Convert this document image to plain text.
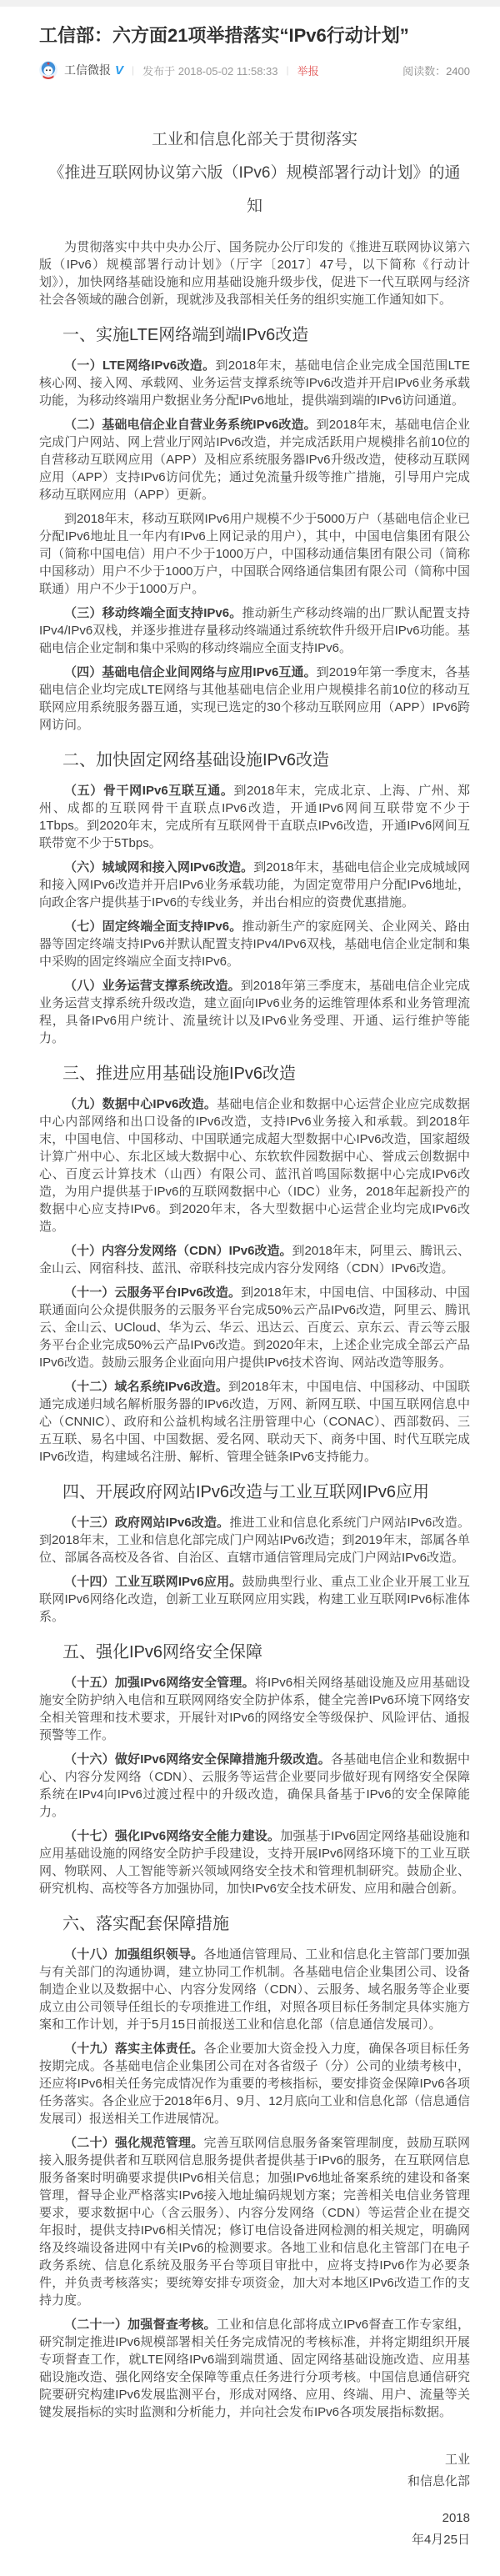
工信部：六方面21项举措落实“IPv6行动计划”
工信微报 V | 发布于 2018-05-02 11:58:33 | 举报	阅读数：2400
工业和信息化部关于贯彻落实
《推进互联网协议第六版（IPv6）规模部署行动计划》的通知

为贯彻落实中共中央办公厅、国务院办公厅印发的《推进互联网协议第六版（IPv6）规模部署行动计划》（厅字〔2017〕47号，以下简称《行动计划》），加快网络基础设施和应用基础设施升级步伐，促进下一代互联网与经济社会各领域的融合创新，现就涉及我部相关任务的组织实施工作通知如下。

一、实施LTE网络端到端IPv6改造

（一）LTE网络IPv6改造。到2018年末，基础电信企业完成全国范围LTE核心网、接入网、承载网、业务运营支撑系统等IPv6改造并开启IPv6业务承载功能，为移动终端用户数据业务分配IPv6地址，提供端到端的IPv6访问通道。

（二）基础电信企业自营业务系统IPv6改造。到2018年末，基础电信企业完成门户网站、网上营业厅网站IPv6改造，并完成活跃用户规模排名前10位的自营移动互联网应用（APP）及相应系统服务器IPv6升级改造，使移动互联网应用（APP）支持IPv6访问优先；通过免流量升级等推广措施，引导用户完成移动互联网应用（APP）更新。

到2018年末，移动互联网IPv6用户规模不少于5000万户（基础电信企业已分配IPv6地址且一年内有IPv6上网记录的用户），其中，中国电信集团有限公司（简称中国电信）用户不少于1000万户，中国移动通信集团有限公司（简称中国移动）用户不少于1000万户，中国联合网络通信集团有限公司（简称中国联通）用户不少于1000万户。

（三）移动终端全面支持IPv6。推动新生产移动终端的出厂默认配置支持IPv4/IPv6双栈，并逐步推进存量移动终端通过系统软件升级开启IPv6功能。基础电信企业定制和集中采购的移动终端应全面支持IPv6。

（四）基础电信企业间网络与应用IPv6互通。到2019年第一季度末，各基础电信企业均完成LTE网络与其他基础电信企业用户规模排名前10位的移动互联网应用系统服务器互通，实现已选定的30个移动互联网应用（APP）IPv6跨网访问。

二、加快固定网络基础设施IPv6改造

（五）骨干网IPv6互联互通。到2018年末，完成北京、上海、广州、郑州、成都的互联网骨干直联点IPv6改造，开通IPv6网间互联带宽不少于1Tbps。到2020年末，完成所有互联网骨干直联点IPv6改造，开通IPv6网间互联带宽不少于5Tbps。

（六）城域网和接入网IPv6改造。到2018年末，基础电信企业完成城域网和接入网IPv6改造并开启IPv6业务承载功能，为固定宽带用户分配IPv6地址，向政企客户提供基于IPv6的专线业务，并出台相应的资费优惠措施。

（七）固定终端全面支持IPv6。推动新生产的家庭网关、企业网关、路由器等固定终端支持IPv6并默认配置支持IPv4/IPv6双栈，基础电信企业定制和集中采购的固定终端应全面支持IPv6。

（八）业务运营支撑系统改造。到2018年第三季度末，基础电信企业完成业务运营支撑系统升级改造，建立面向IPv6业务的运维管理体系和业务管理流程，具备IPv6用户统计、流量统计以及IPv6业务受理、开通、运行维护等能力。

三、推进应用基础设施IPv6改造

（九）数据中心IPv6改造。基础电信企业和数据中心运营企业应完成数据中心内部网络和出口设备的IPv6改造，支持IPv6业务接入和承载。到2018年末，中国电信、中国移动、中国联通完成超大型数据中心IPv6改造，国家超级计算广州中心、东北区域大数据中心、东软软件园数据中心、誉成云创数据中心、百度云计算技术（山西）有限公司、蓝汛首鸣国际数据中心完成IPv6改造，为用户提供基于IPv6的互联网数据中心（IDC）业务，2018年起新投产的数据中心应支持IPv6。到2020年末，各大型数据中心运营企业均完成IPv6改造。

（十）内容分发网络（CDN）IPv6改造。到2018年末，阿里云、腾讯云、金山云、网宿科技、蓝汛、帝联科技完成内容分发网络（CDN）IPv6改造。

（十一）云服务平台IPv6改造。到2018年末，中国电信、中国移动、中国联通面向公众提供服务的云服务平台完成50%云产品IPv6改造，阿里云、腾讯云、金山云、UCloud、华为云、华云、迅达云、百度云、京东云、青云等云服务平台企业完成50%云产品IPv6改造。到2020年末，上述企业完成全部云产品IPv6改造。鼓励云服务企业面向用户提供IPv6技术咨询、网站改造等服务。

（十二）域名系统IPv6改造。到2018年末，中国电信、中国移动、中国联通完成递归域名解析服务器的IPv6改造，万网、新网互联、中国互联网信息中心（CNNIC）、政府和公益机构域名注册管理中心（CONAC）、西部数码、三五互联、易名中国、中国数据、爱名网、联动天下、商务中国、时代互联完成IPv6改造，构建域名注册、解析、管理全链条IPv6支持能力。

四、开展政府网站IPv6改造与工业互联网IPv6应用

（十三）政府网站IPv6改造。推进工业和信息化系统门户网站IPv6改造。到2018年末，工业和信息化部完成门户网站IPv6改造；到2019年末，部属各单位、部属各高校及各省、自治区、直辖市通信管理局完成门户网站IPv6改造。

（十四）工业互联网IPv6应用。鼓励典型行业、重点工业企业开展工业互联网IPv6网络化改造，创新工业互联网应用实践，构建工业互联网IPv6标准体系。

五、强化IPv6网络安全保障

（十五）加强IPv6网络安全管理。将IPv6相关网络基础设施及应用基础设施安全防护纳入电信和互联网网络安全防护体系，健全完善IPv6环境下网络安全相关管理和技术要求，开展针对IPv6的网络安全等级保护、风险评估、通报预警等工作。

（十六）做好IPv6网络安全保障措施升级改造。各基础电信企业和数据中心、内容分发网络（CDN）、云服务等运营企业要同步做好现有网络安全保障系统在IPv4向IPv6过渡过程中的升级改造，确保具备基于IPv6的安全保障能力。

（十七）强化IPv6网络安全能力建设。加强基于IPv6固定网络基础设施和应用基础设施的网络安全防护手段建设，支持开展IPv6网络环境下的工业互联网、物联网、人工智能等新兴领域网络安全技术和管理机制研究。鼓励企业、研究机构、高校等各方加强协同，加快IPv6安全技术研发、应用和融合创新。

六、落实配套保障措施

（十八）加强组织领导。各地通信管理局、工业和信息化主管部门要加强与有关部门的沟通协调，建立协同工作机制。各基础电信企业集团公司、设备制造企业以及数据中心、内容分发网络（CDN）、云服务、域名服务等企业要成立由公司领导任组长的专项推进工作组，对照各项目标任务制定具体实施方案和工作计划，并于5月15日前报送工业和信息化部（信息通信发展司）。

（十九）落实主体责任。各企业要加大资金投入力度，确保各项目标任务按期完成。各基础电信企业集团公司在对各省级子（分）公司的业绩考核中，还应将IPv6相关任务完成情况作为重要的考核指标，要安排资金保障IPv6各项任务落实。各企业应于2018年6月、9月、12月底向工业和信息化部（信息通信发展司）报送相关工作进展情况。

（二十）强化规范管理。完善互联网信息服务备案管理制度，鼓励互联网接入服务提供者和互联网信息服务提供者提供基于IPv6的服务，在互联网信息服务备案时明确要求提供IPv6相关信息；加强IPv6地址备案系统的建设和备案管理，督导企业严格落实IPv6接入地址编码规划方案；完善相关电信业务管理要求，要求数据中心（含云服务）、内容分发网络（CDN）等运营企业在提交年报时，提供支持IPv6相关情况；修订电信设备进网检测的相关规定，明确网络及终端设备进网中有关IPv6的检测要求。各地工业和信息化主管部门在电子政务系统、信息化系统及服务平台等项目审批中，应将支持IPv6作为必要条件，并负责考核落实；要统筹安排专项资金，加大对本地区IPv6改造工作的支持力度。

（二十一）加强督查考核。工业和信息化部将成立IPv6督查工作专家组，研究制定推进IPv6规模部署相关任务完成情况的考核标准，并将定期组织开展专项督查工作，就LTE网络IPv6端到端贯通、固定网络基础设施改造、应用基础设施改造、强化网络安全保障等重点任务进行分项考核。中国信息通信研究院要研究构建IPv6发展监测平台，形成对网络、应用、终端、用户、流量等关键发展指标的实时监测和分析能力，并向社会发布IPv6各项发展指标数据。

工业
和信息化部
2018
年4月25日
